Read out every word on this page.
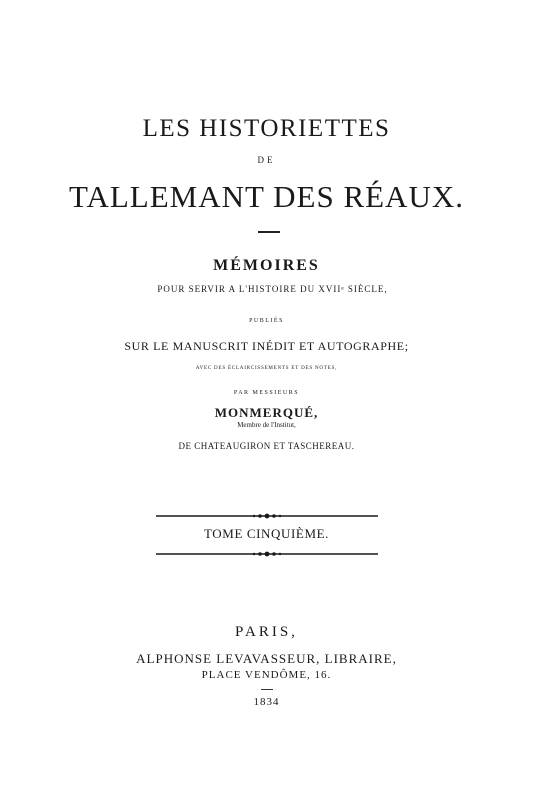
LES HISTORIETTES
DE
TALLEMANT DES RÉAUX.
MÉMOIRES
POUR SERVIR A L'HISTOIRE DU XVIIᵉ SIÈCLE,
PUBLIÉS
SUR LE MANUSCRIT INÉDIT ET AUTOGRAPHE;
AVEC DES ÉCLAIRCISSEMENTS ET DES NOTES,
PAR MESSIEURS
MONMERQUÉ,
Membre de l'Institut,
DE CHATEAUGIRON ET TASCHEREAU.
TOME CINQUIÈME.
PARIS,
ALPHONSE LEVAVASSEUR, LIBRAIRE,
PLACE VENDÔME, 16.
1834
